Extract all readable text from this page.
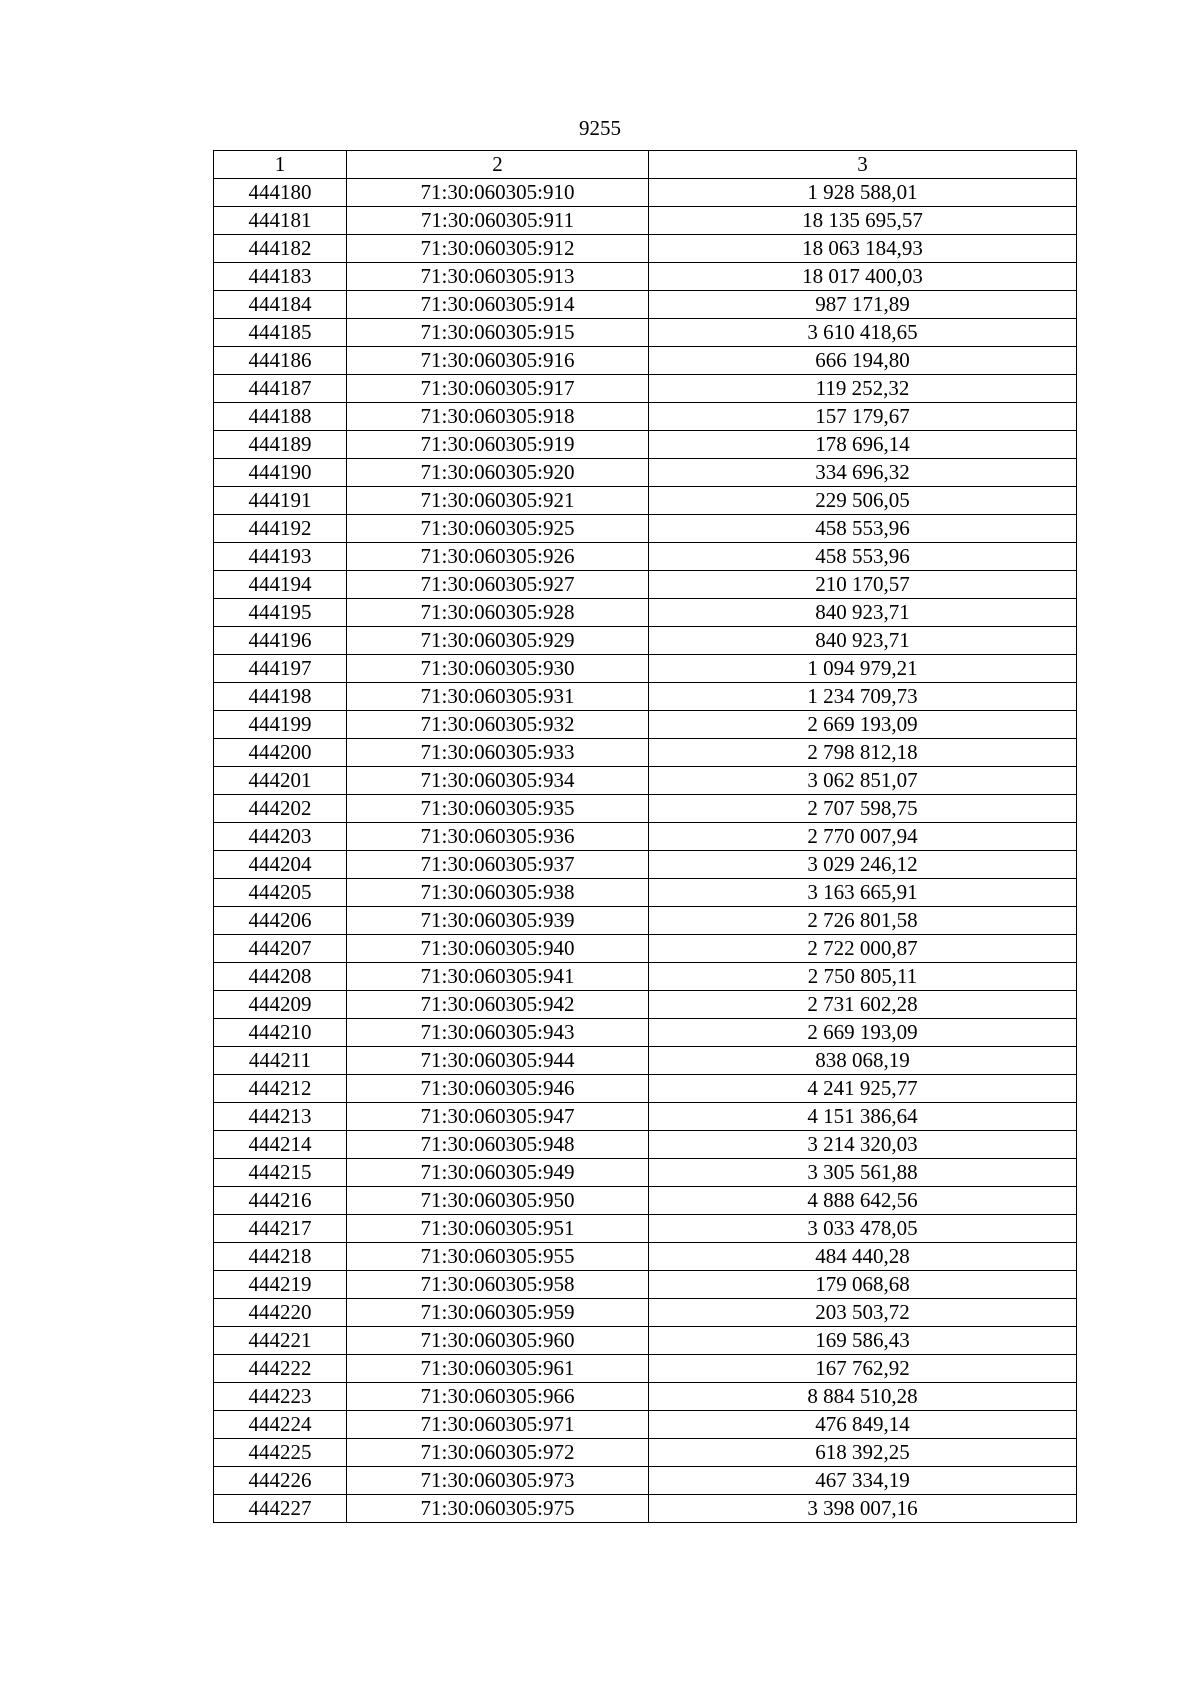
9255
1	2	3
444180	71:30:060305:910	1 928 588,01
444181	71:30:060305:911	18 135 695,57
444182	71:30:060305:912	18 063 184,93
444183	71:30:060305:913	18 017 400,03
444184	71:30:060305:914	987 171,89
444185	71:30:060305:915	3 610 418,65
444186	71:30:060305:916	666 194,80
444187	71:30:060305:917	119 252,32
444188	71:30:060305:918	157 179,67
444189	71:30:060305:919	178 696,14
444190	71:30:060305:920	334 696,32
444191	71:30:060305:921	229 506,05
444192	71:30:060305:925	458 553,96
444193	71:30:060305:926	458 553,96
444194	71:30:060305:927	210 170,57
444195	71:30:060305:928	840 923,71
444196	71:30:060305:929	840 923,71
444197	71:30:060305:930	1 094 979,21
444198	71:30:060305:931	1 234 709,73
444199	71:30:060305:932	2 669 193,09
444200	71:30:060305:933	2 798 812,18
444201	71:30:060305:934	3 062 851,07
444202	71:30:060305:935	2 707 598,75
444203	71:30:060305:936	2 770 007,94
444204	71:30:060305:937	3 029 246,12
444205	71:30:060305:938	3 163 665,91
444206	71:30:060305:939	2 726 801,58
444207	71:30:060305:940	2 722 000,87
444208	71:30:060305:941	2 750 805,11
444209	71:30:060305:942	2 731 602,28
444210	71:30:060305:943	2 669 193,09
444211	71:30:060305:944	838 068,19
444212	71:30:060305:946	4 241 925,77
444213	71:30:060305:947	4 151 386,64
444214	71:30:060305:948	3 214 320,03
444215	71:30:060305:949	3 305 561,88
444216	71:30:060305:950	4 888 642,56
444217	71:30:060305:951	3 033 478,05
444218	71:30:060305:955	484 440,28
444219	71:30:060305:958	179 068,68
444220	71:30:060305:959	203 503,72
444221	71:30:060305:960	169 586,43
444222	71:30:060305:961	167 762,92
444223	71:30:060305:966	8 884 510,28
444224	71:30:060305:971	476 849,14
444225	71:30:060305:972	618 392,25
444226	71:30:060305:973	467 334,19
444227	71:30:060305:975	3 398 007,16
